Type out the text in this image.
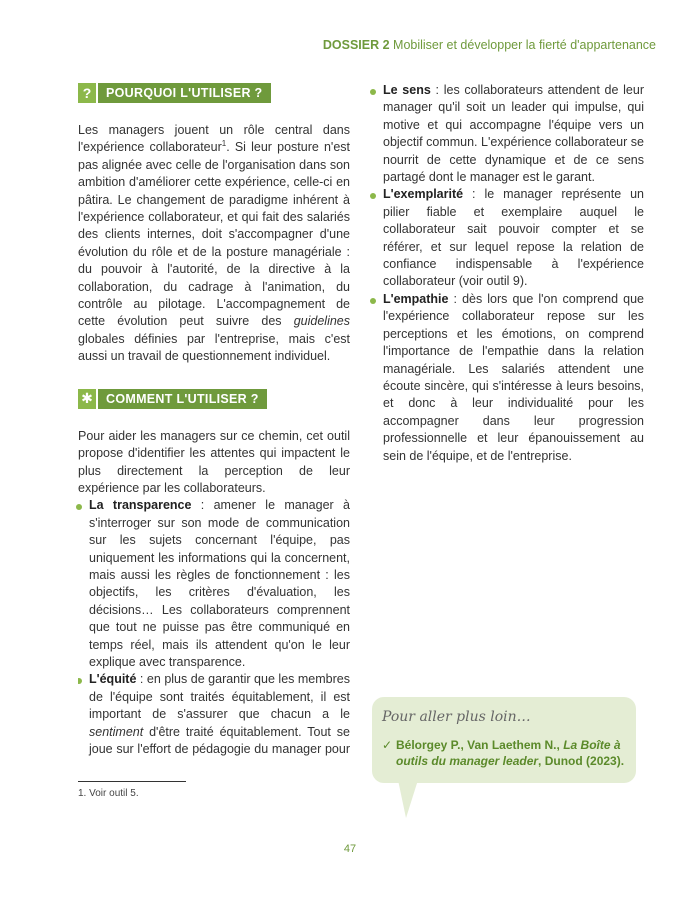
DOSSIER 2 Mobiliser et développer la fierté d'appartenance
?	POURQUOI L'UTILISER ?

Les managers jouent un rôle central dans l'expérience collaborateur$^1$. Si leur posture n'est pas alignée avec celle de l'organisation dans son ambition d'améliorer cette expérience, celle-ci en pâtira. Le changement de paradigme inhérent à l'expérience collaborateur, et qui fait des salariés des clients internes, doit s'accompagner d'une évolution du rôle et de la posture managériale : du pouvoir à l'autorité, de la directive à la collaboration, du cadrage à l'animation, du contrôle au pilotage. L'accompagnement de cette évolution peut suivre des guidelines globales définies par l'entreprise, mais c'est aussi un travail de questionnement individuel.

✱	COMMENT L'UTILISER ?

Pour aider les managers sur ce chemin, cet outil propose d'identifier les attentes qui impactent le plus directement la perception de leur expérience par les collaborateurs.

La transparence : amener le manager à s'interroger sur son mode de communication sur les sujets concernant l'équipe, pas uniquement les informations qui la concernent, mais aussi les règles de fonctionnement : les objectifs, les critères d'évaluation, les décisions… Les collaborateurs comprennent que tout ne puisse pas être communiqué en temps réel, mais ils attendent qu'on le leur explique avec transparence.
L'équité : en plus de garantir que les membres de l'équipe sont traités équitablement, il est important de s'assurer que chacun a le sentiment d'être traité équitablement. Tout se joue sur l'effort de pédagogie du manager pour
Le sens : les collaborateurs attendent de leur manager qu'il soit un leader qui impulse, qui motive et qui accompagne l'équipe vers un objectif commun. L'expérience collaborateur se nourrit de cette dynamique et de ce sens partagé dont le manager est le garant.
L'exemplarité : le manager représente un pilier fiable et exemplaire auquel le collaborateur sait pouvoir compter et se référer, et sur lequel repose la relation de confiance indispensable à l'expérience collaborateur (voir outil 9).
L'empathie : dès lors que l'on comprend que l'expérience collaborateur repose sur les perceptions et les émotions, on comprend l'importance de l'empathie dans la relation managériale. Les salariés attendent une écoute sincère, qui s'intéresse à leurs besoins, et donc à leur individualité pour les accompagner dans leur progression professionnelle et leur épanouissement au sein de l'équipe, et de l'entreprise.
1. Voir outil 5.
Pour aller plus loin…
✓ Bélorgey P., Van Laethem N., La Boîte à outils du manager leader, Dunod (2023).
47
